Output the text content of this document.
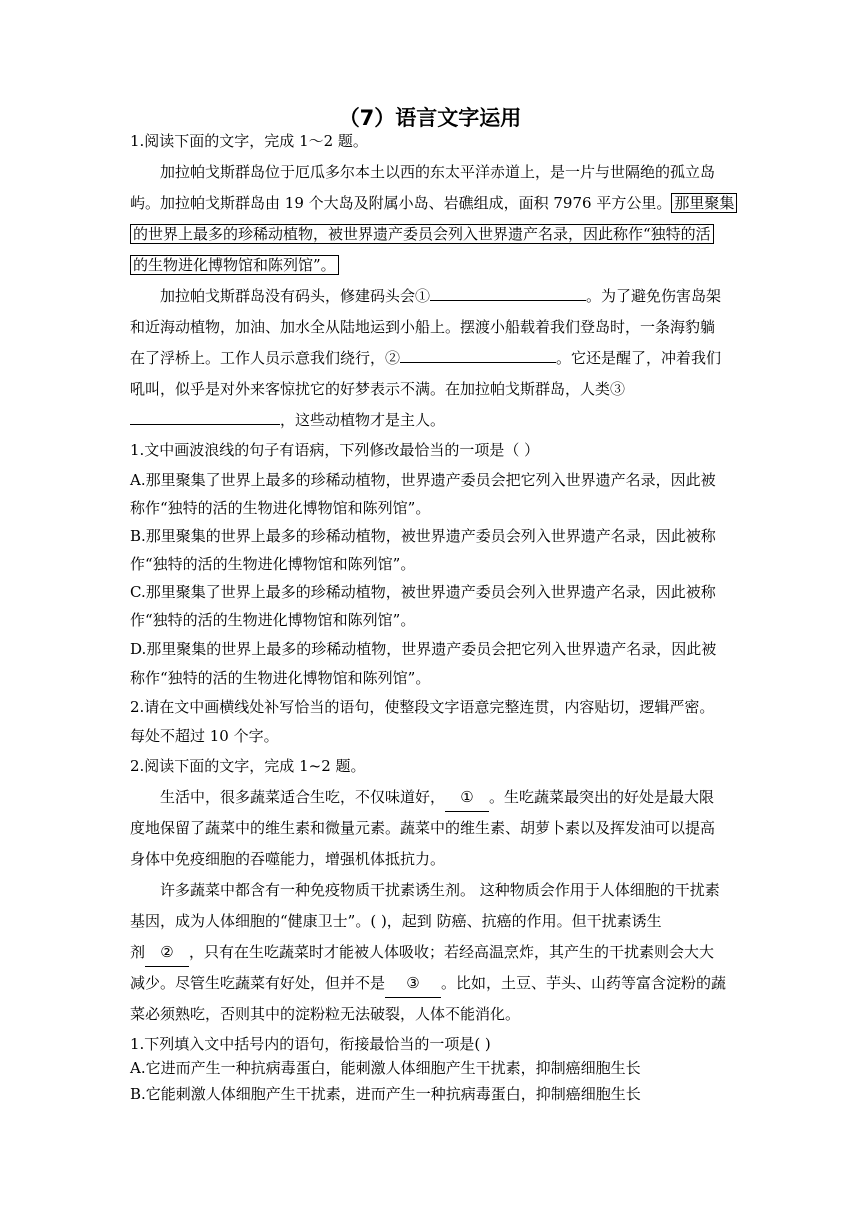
（7）语言文字运用
1.阅读下面的文字，完成 1～2 题。
加拉帕戈斯群岛位于厄瓜多尔本土以西的东太平洋赤道上，是一片与世隔绝的孤立岛
屿。加拉帕戈斯群岛由 19 个大岛及附属小岛、岩礁组成，面积 7976 平方公里。 那里聚集
的世界上最多的珍稀动植物，被世界遗产委员会列入世界遗产名录，因此称作“独特的活
的生物进化博物馆和陈列馆”。
加拉帕戈斯群岛没有码头，修建码头会①	。为了避免伤害岛架
和近海动植物，加油、加水全从陆地运到小船上。摆渡小船载着我们登岛时，一条海豹躺
在了浮桥上。工作人员示意我们绕行，②	。它还是醒了，冲着我们
吼叫，似乎是对外来客惊扰它的好梦表示不满。在加拉帕戈斯群岛，人类③
，这些动植物才是主人。
1.文中画波浪线的句子有语病，下列修改最恰当的一项是（ ）
A.那里聚集了世界上最多的珍稀动植物，世界遗产委员会把它列入世界遗产名录，因此被
称作“独特的活的生物进化博物馆和陈列馆”。
B.那里聚集的世界上最多的珍稀动植物，被世界遗产委员会列入世界遗产名录，因此被称
作“独特的活的生物进化博物馆和陈列馆”。
C.那里聚集了世界上最多的珍稀动植物，被世界遗产委员会列入世界遗产名录，因此被称
作“独特的活的生物进化博物馆和陈列馆”。
D.那里聚集的世界上最多的珍稀动植物，世界遗产委员会把它列入世界遗产名录，因此被
称作“独特的活的生物进化博物馆和陈列馆”。
2.请在文中画横线处补写恰当的语句，使整段文字语意完整连贯，内容贴切，逻辑严密。
每处不超过 10 个字。
2.阅读下面的文字，完成 1~2 题。
生活中，很多蔬菜适合生吃，不仅味道好， ① 。生吃蔬菜最突出的好处是最大限
度地保留了蔬菜中的维生素和微量元素。蔬菜中的维生素、胡萝卜素以及挥发油可以提高
身体中免疫细胞的吞噬能力，增强机体抵抗力。
许多蔬菜中都含有一种免疫物质干扰素诱生剂。 这种物质会作用于人体细胞的干扰素
基因，成为人体细胞的“健康卫士”。( )，起到 防癌、抗癌的作用。但干扰素诱生
剂 ② ，只有在生吃蔬菜时才能被人体吸收；若经高温烹炸，其产生的干扰素则会大大
减少。尽管生吃蔬菜有好处，但并不是 ③ 。比如，土豆、芋头、山药等富含淀粉的蔬
菜必须熟吃，否则其中的淀粉粒无法破裂，人体不能消化。
1.下列填入文中括号内的语句，衔接最恰当的一项是( )
A.它进而产生一种抗病毒蛋白，能刺激人体细胞产生干扰素，抑制癌细胞生长
B.它能刺激人体细胞产生干扰素，进而产生一种抗病毒蛋白，抑制癌细胞生长
